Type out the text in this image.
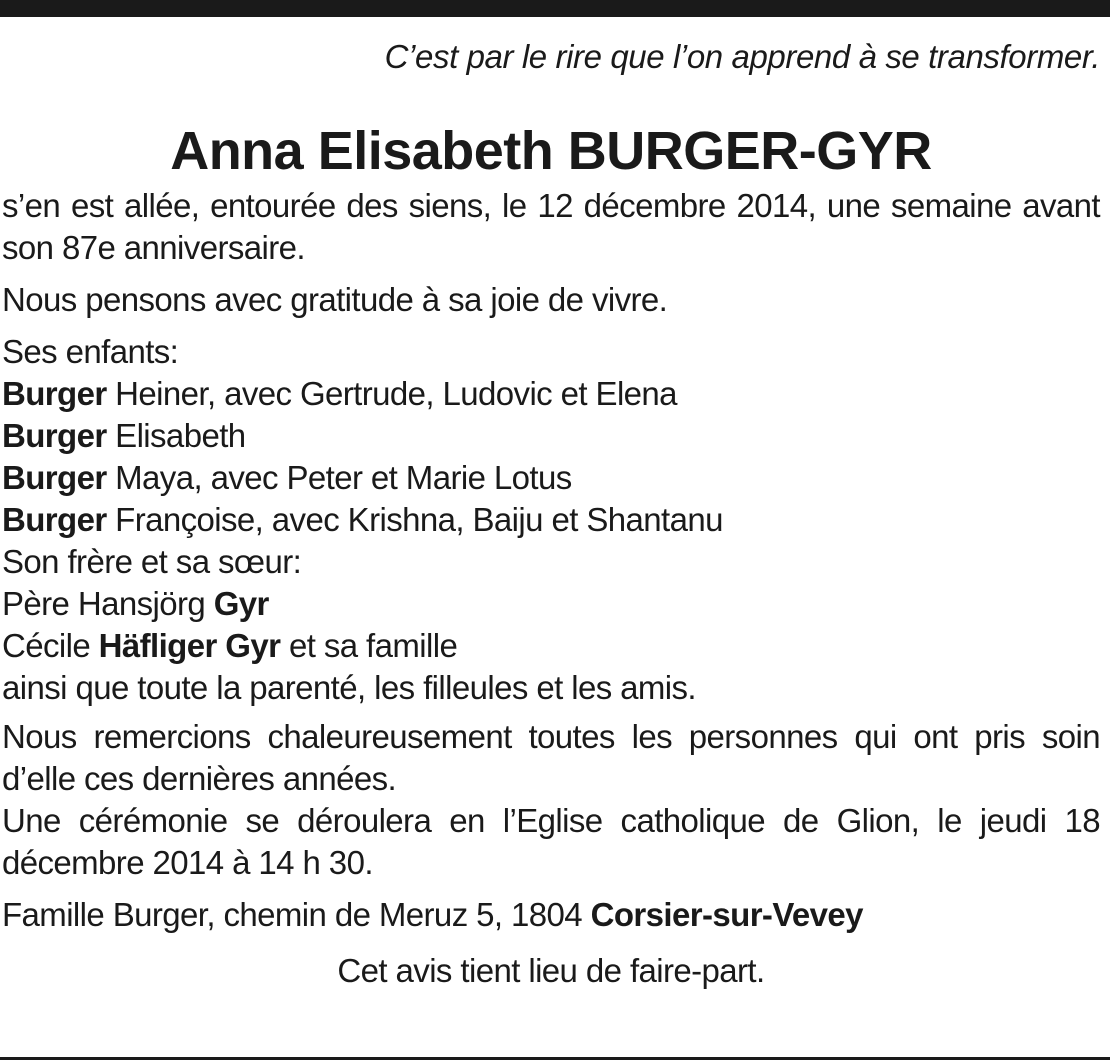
C’est par le rire que l’on apprend à se transformer.

Anna Elisabeth BURGER-GYR

s’en est allée, entourée des siens, le 12 décembre 2014, une semaine avant son 87e anniversaire.

Nous pensons avec gratitude à sa joie de vivre.

Ses enfants:
Burger Heiner, avec Gertrude, Ludovic et Elena
Burger Elisabeth
Burger Maya, avec Peter et Marie Lotus
Burger Françoise, avec Krishna, Baiju et Shantanu
Son frère et sa sœur:
Père Hansjörg Gyr
Cécile Häfliger Gyr et sa famille
ainsi que toute la parenté, les filleules et les amis.

Nous remercions chaleureusement toutes les personnes qui ont pris soin d’elle ces dernières années.

Une cérémonie se déroulera en l’Eglise catholique de Glion, le jeudi 18 décembre 2014 à 14 h 30.

Famille Burger, chemin de Meruz 5, 1804 Corsier-sur-Vevey

Cet avis tient lieu de faire-part.
